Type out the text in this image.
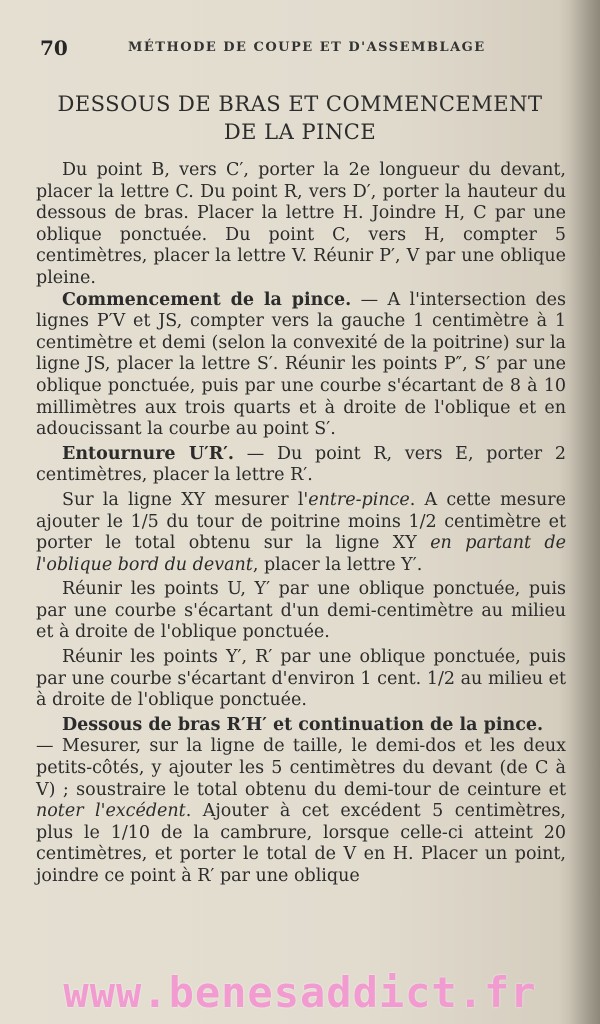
70	MÉTHODE DE COUPE ET D'ASSEMBLAGE
DESSOUS DE BRAS ET COMMENCEMENT
DE LA PINCE

Du point B, vers C′, porter la 2e longueur du devant, placer la lettre C. Du point R, vers D′, porter la hauteur du dessous de bras. Placer la lettre H. Joindre H, C par une oblique ponctuée. Du point C, vers H, compter 5 centimètres, placer la lettre V. Réunir P′, V par une oblique pleine.

Commencement de la pince. — A l'intersection des lignes P′V et JS, compter vers la gauche 1 centimètre à 1 centimètre et demi (selon la convexité de la poitrine) sur la ligne JS, placer la lettre S′. Réunir les points P″, S′ par une oblique ponctuée, puis par une courbe s'écartant de 8 à 10 millimètres aux trois quarts et à droite de l'oblique et en adoucissant la courbe au point S′.

Entournure U′R′. — Du point R, vers E, porter 2 centimètres, placer la lettre R′.

Sur la ligne XY mesurer l'entre-pince. A cette mesure ajouter le 1/5 du tour de poitrine moins 1/2 centimètre et porter le total obtenu sur la ligne XY en partant de l'oblique bord du devant, placer la lettre Y′.

Réunir les points U, Y′ par une oblique ponctuée, puis par une courbe s'écartant d'un demi-centimètre au milieu et à droite de l'oblique ponctuée.

Réunir les points Y′, R′ par une oblique ponctuée, puis par une courbe s'écartant d'environ 1 cent. 1/2 au milieu et à droite de l'oblique ponctuée.

Dessous de bras R′H′ et continuation de la pince.
— Mesurer, sur la ligne de taille, le demi-dos et les deux petits-côtés, y ajouter les 5 centimètres du devant (de C à V) ; soustraire le total obtenu du demi-tour de ceinture et noter l'excédent. Ajouter à cet excédent 5 centimètres, plus le 1/10 de la cambrure, lorsque celle-ci atteint 20 centimètres, et porter le total de V en H. Placer un point, joindre ce point à R′ par une oblique

www.benesaddict.fr
